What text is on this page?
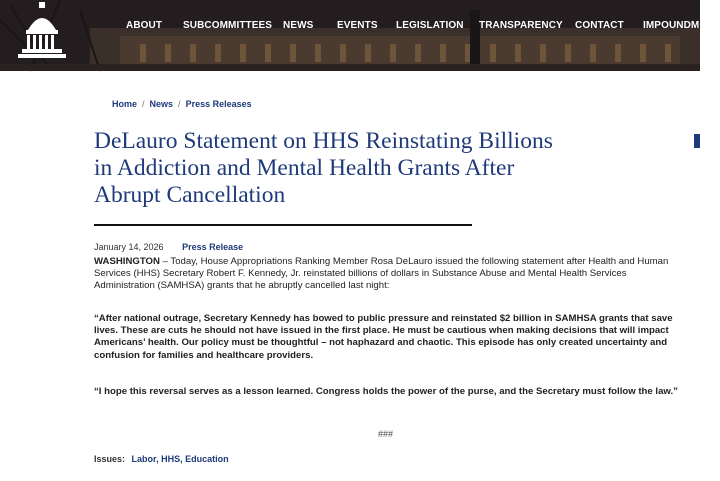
ABOUT SUBCOMMITTEES NEWS EVENTS LEGISLATION TRANSPARENCY CONTACT IMPOUNDMENT
Home / News / Press Releases
DeLauro Statement on HHS Reinstating Billions in Addiction and Mental Health Grants After Abrupt Cancellation
January 14, 2026 Press Release

WASHINGTON – Today, House Appropriations Ranking Member Rosa DeLauro issued the following statement after Health and Human Services (HHS) Secretary Robert F. Kennedy, Jr. reinstated billions of dollars in Substance Abuse and Mental Health Services Administration (SAMHSA) grants that he abruptly cancelled last night:

“After national outrage, Secretary Kennedy has bowed to public pressure and reinstated $2 billion in SAMHSA grants that save lives. These are cuts he should not have issued in the first place. He must be cautious when making decisions that will impact Americans’ health. Our policy must be thoughtful – not haphazard and chaotic. This episode has only created uncertainty and confusion for families and healthcare providers.

“I hope this reversal serves as a lesson learned. Congress holds the power of the purse, and the Secretary must follow the law.”

###
Issues: Labor, HHS, Education
